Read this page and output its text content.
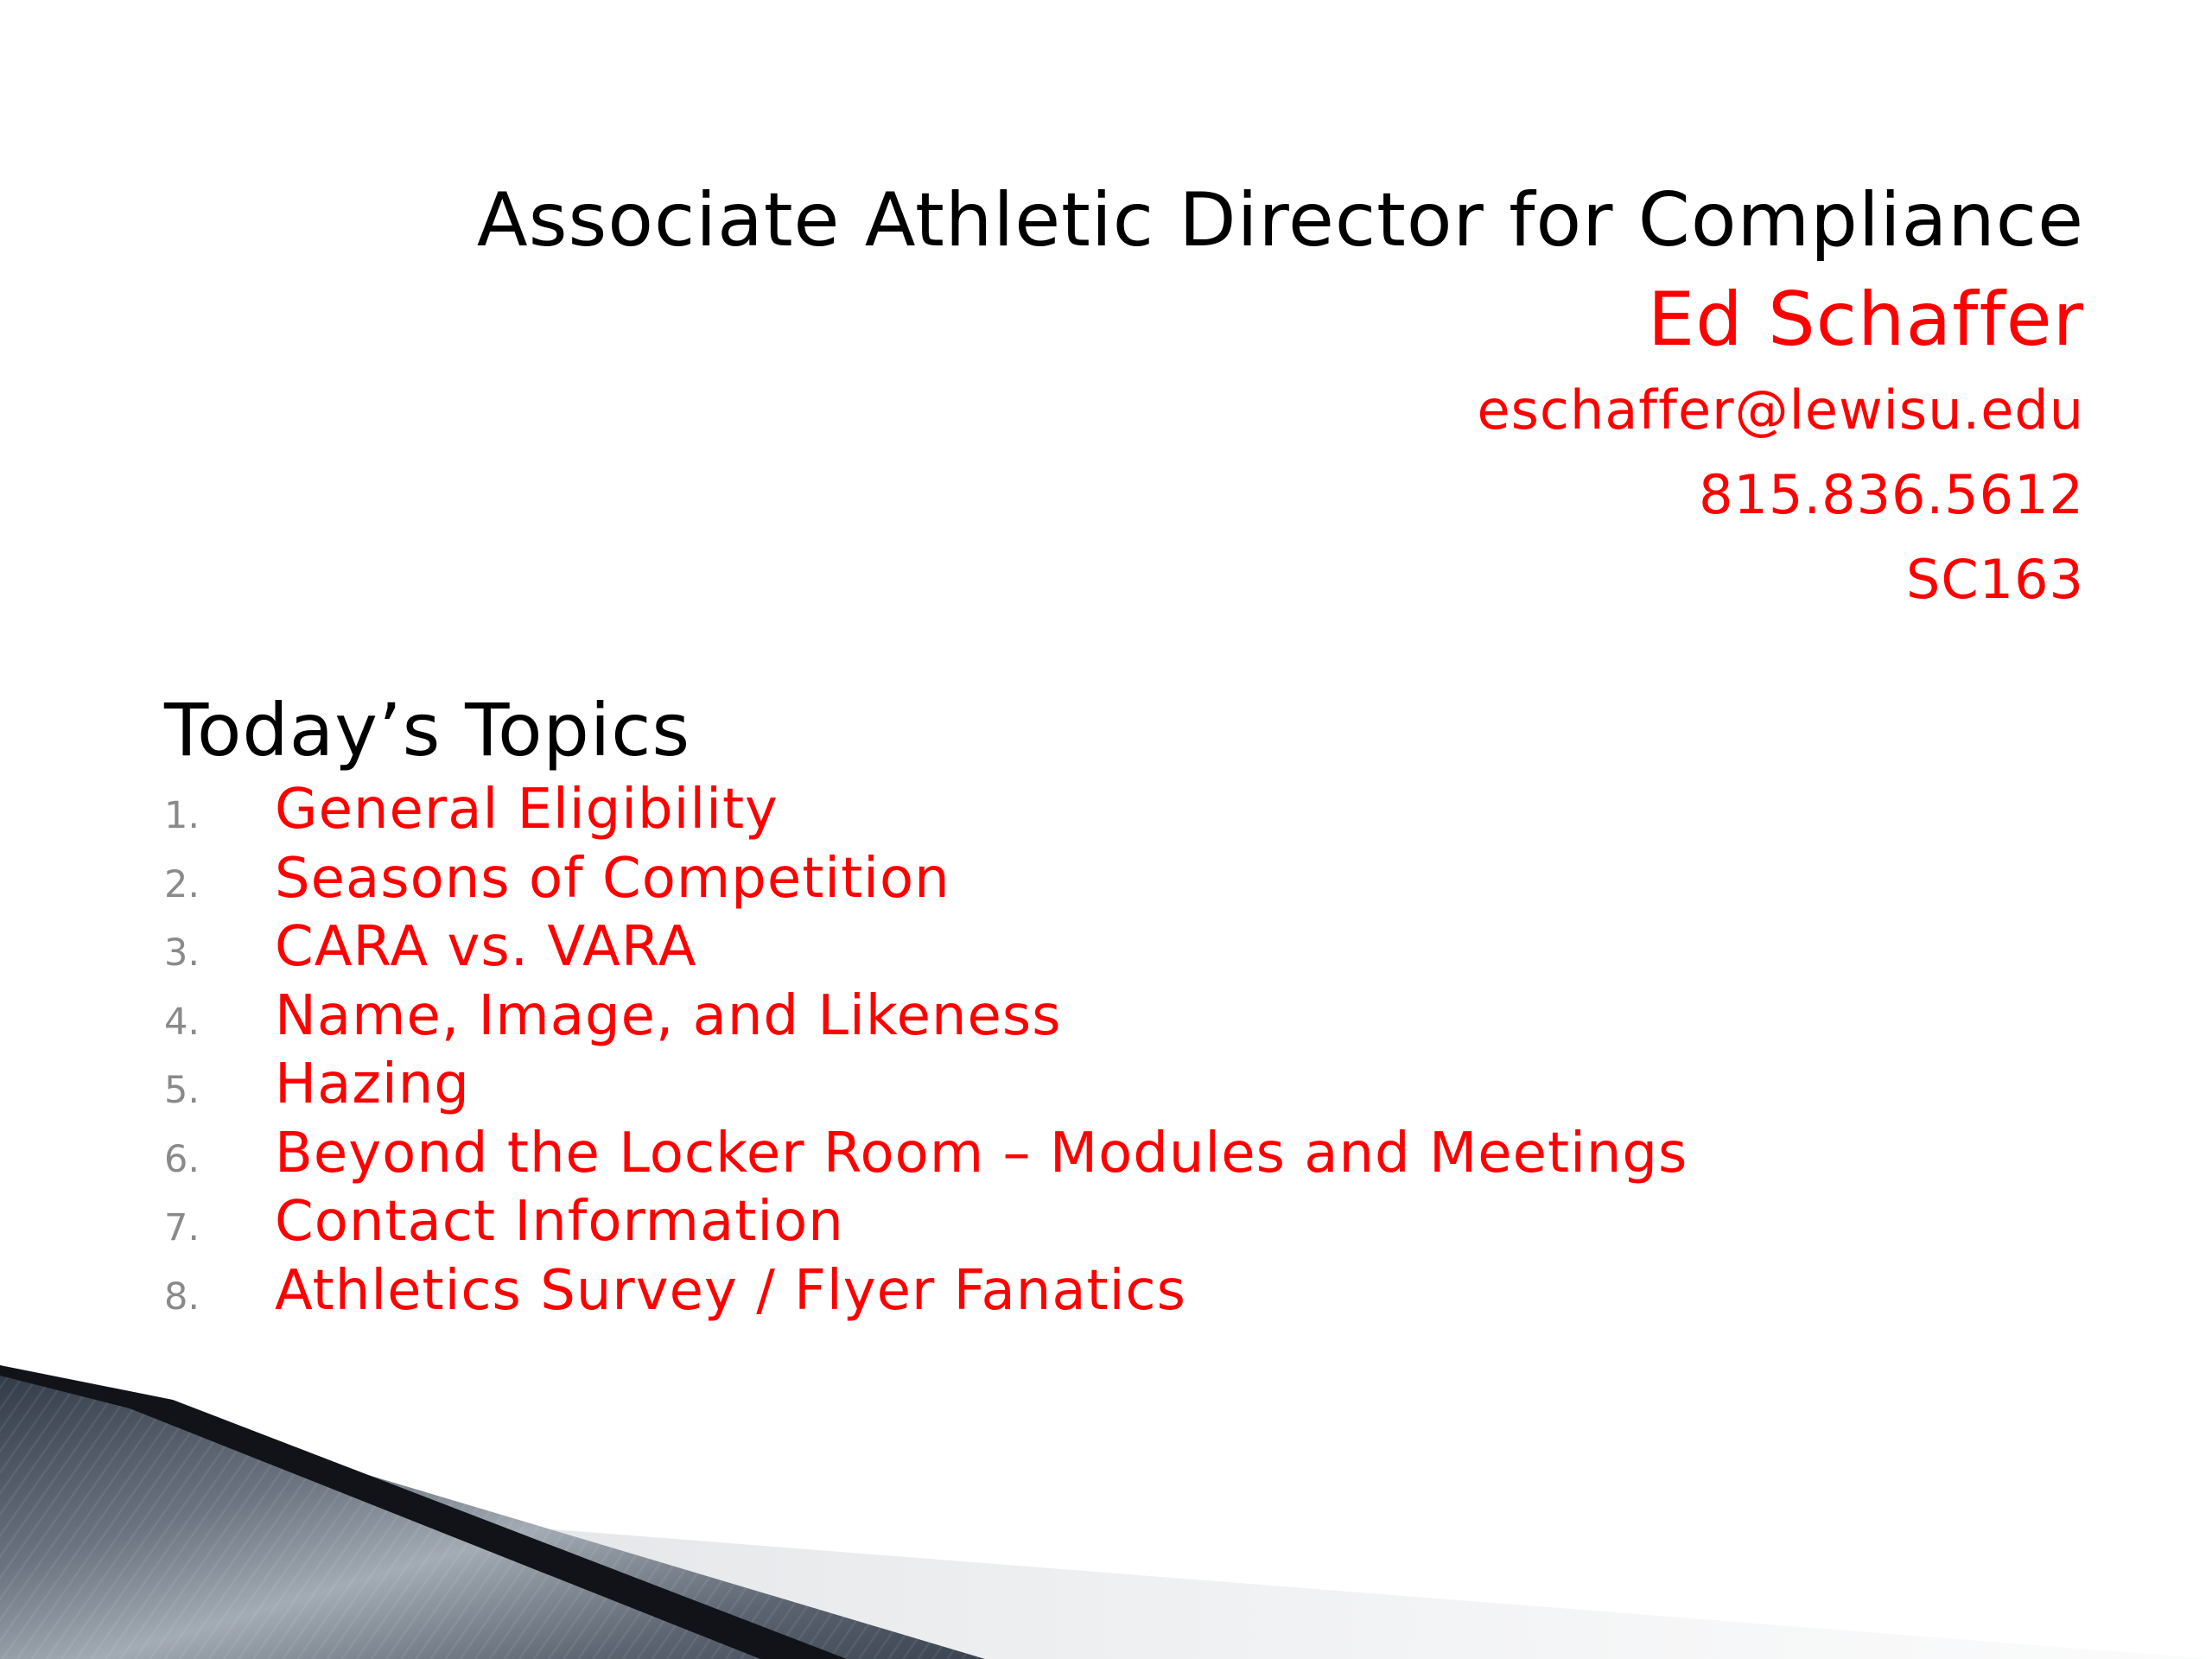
Associate Athletic Director for Compliance
Ed Schaffer
eschaffer@lewisu.edu
815.836.5612
SC163
Today’s Topics
1.	General Eligibility
2.	Seasons of Competition
3.	CARA vs. VARA
4.	Name, Image, and Likeness
5.	Hazing
6.	Beyond the Locker Room – Modules and Meetings
7.	Contact Information
8.	Athletics Survey / Flyer Fanatics
